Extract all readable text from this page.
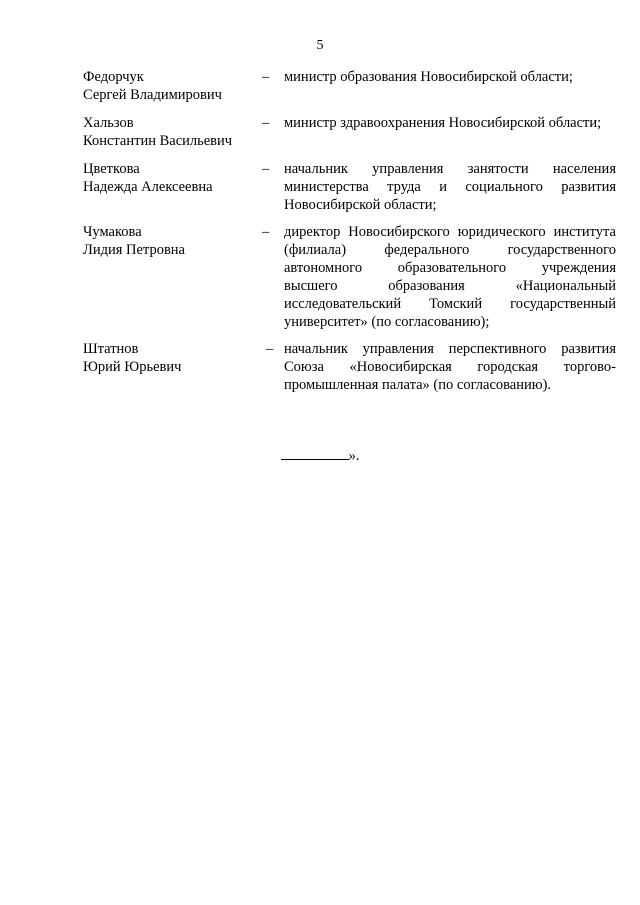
5
Федорчук
Сергей Владимирович
– министр образования Новосибирской области;
Хальзов
Константин Васильевич
– министр здравоохранения Новосибирской области;
Цветкова
Надежда Алексеевна
– начальник управления занятости населения
министерства труда и социального развития
Новосибирской области;
Чумакова
Лидия Петровна
– директор Новосибирского юридического института
(филиала) федерального государственного
автономного образовательного учреждения
высшего образования «Национальный
исследовательский Томский государственный
университет» (по согласованию);
Штатнов
Юрий Юрьевич
– начальник управления перспективного развития
Союза «Новосибирская городская торгово-
промышленная палата» (по согласованию).
».
